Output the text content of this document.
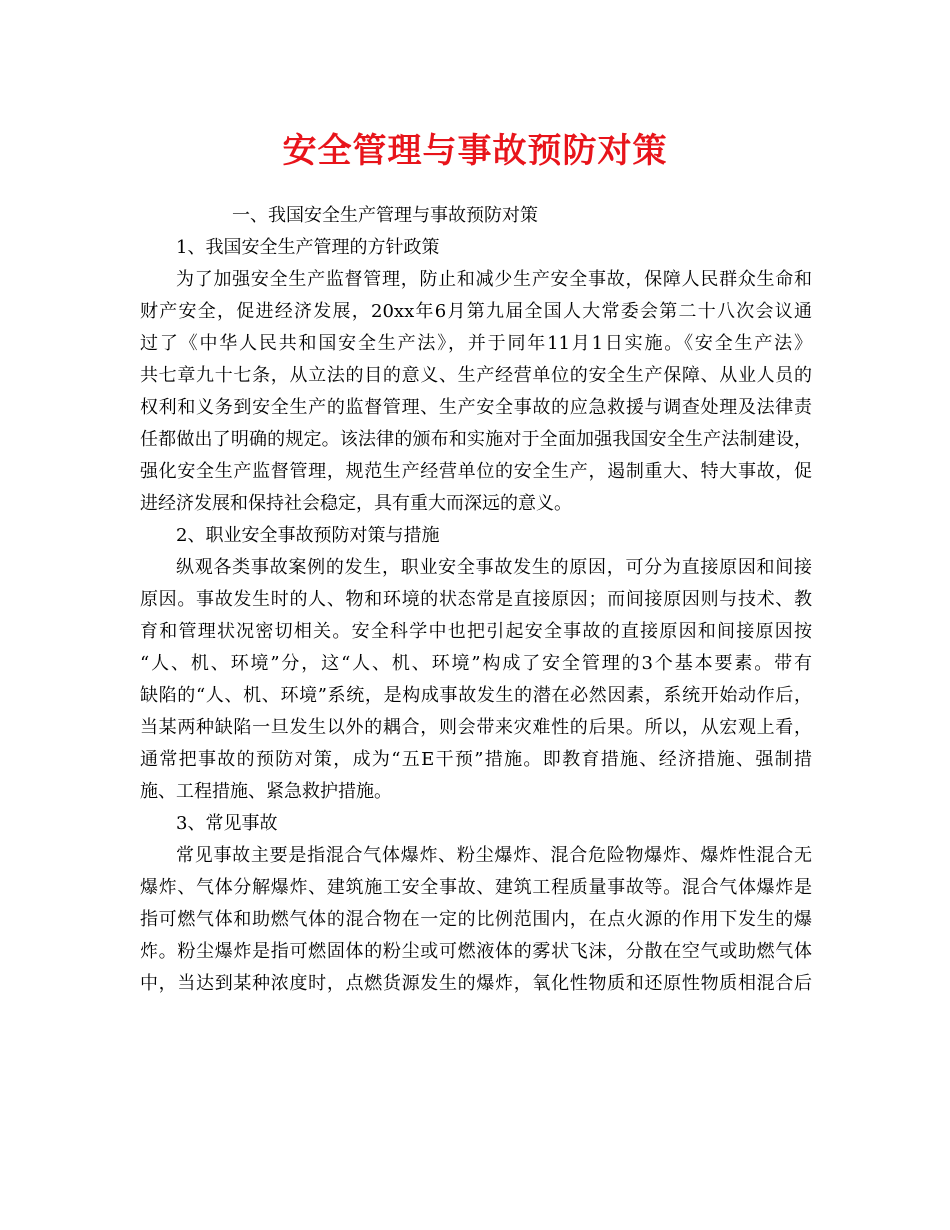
安全管理与事故预防对策
一、我国安全生产管理与事故预防对策
1、我国安全生产管理的方针政策
为了加强安全生产监督管理，防止和减少生产安全事故，保障人民群众生命和
财产安全，促进经济发展，20xx年6月第九届全国人大常委会第二十八次会议通
过了《中华人民共和国安全生产法》，并于同年11月1日实施。《安全生产法》
共七章九十七条，从立法的目的意义、生产经营单位的安全生产保障、从业人员的
权利和义务到安全生产的监督管理、生产安全事故的应急救援与调查处理及法律责
任都做出了明确的规定。该法律的颁布和实施对于全面加强我国安全生产法制建设，
强化安全生产监督管理，规范生产经营单位的安全生产，遏制重大、特大事故，促
进经济发展和保持社会稳定，具有重大而深远的意义。
2、职业安全事故预防对策与措施
纵观各类事故案例的发生，职业安全事故发生的原因，可分为直接原因和间接
原因。事故发生时的人、物和环境的状态常是直接原因；而间接原因则与技术、教
育和管理状况密切相关。安全科学中也把引起安全事故的直接原因和间接原因按
“人、机、环境”分，这“人、机、环境”构成了安全管理的3个基本要素。带有
缺陷的“人、机、环境”系统，是构成事故发生的潜在必然因素，系统开始动作后，
当某两种缺陷一旦发生以外的耦合，则会带来灾难性的后果。所以，从宏观上看，
通常把事故的预防对策，成为“五E干预”措施。即教育措施、经济措施、强制措
施、工程措施、紧急救护措施。
3、常见事故
常见事故主要是指混合气体爆炸、粉尘爆炸、混合危险物爆炸、爆炸性混合无
爆炸、气体分解爆炸、建筑施工安全事故、建筑工程质量事故等。混合气体爆炸是
指可燃气体和助燃气体的混合物在一定的比例范围内，在点火源的作用下发生的爆
炸。粉尘爆炸是指可燃固体的粉尘或可燃液体的雾状飞沫，分散在空气或助燃气体
中，当达到某种浓度时，点燃货源发生的爆炸，氧化性物质和还原性物质相混合后
